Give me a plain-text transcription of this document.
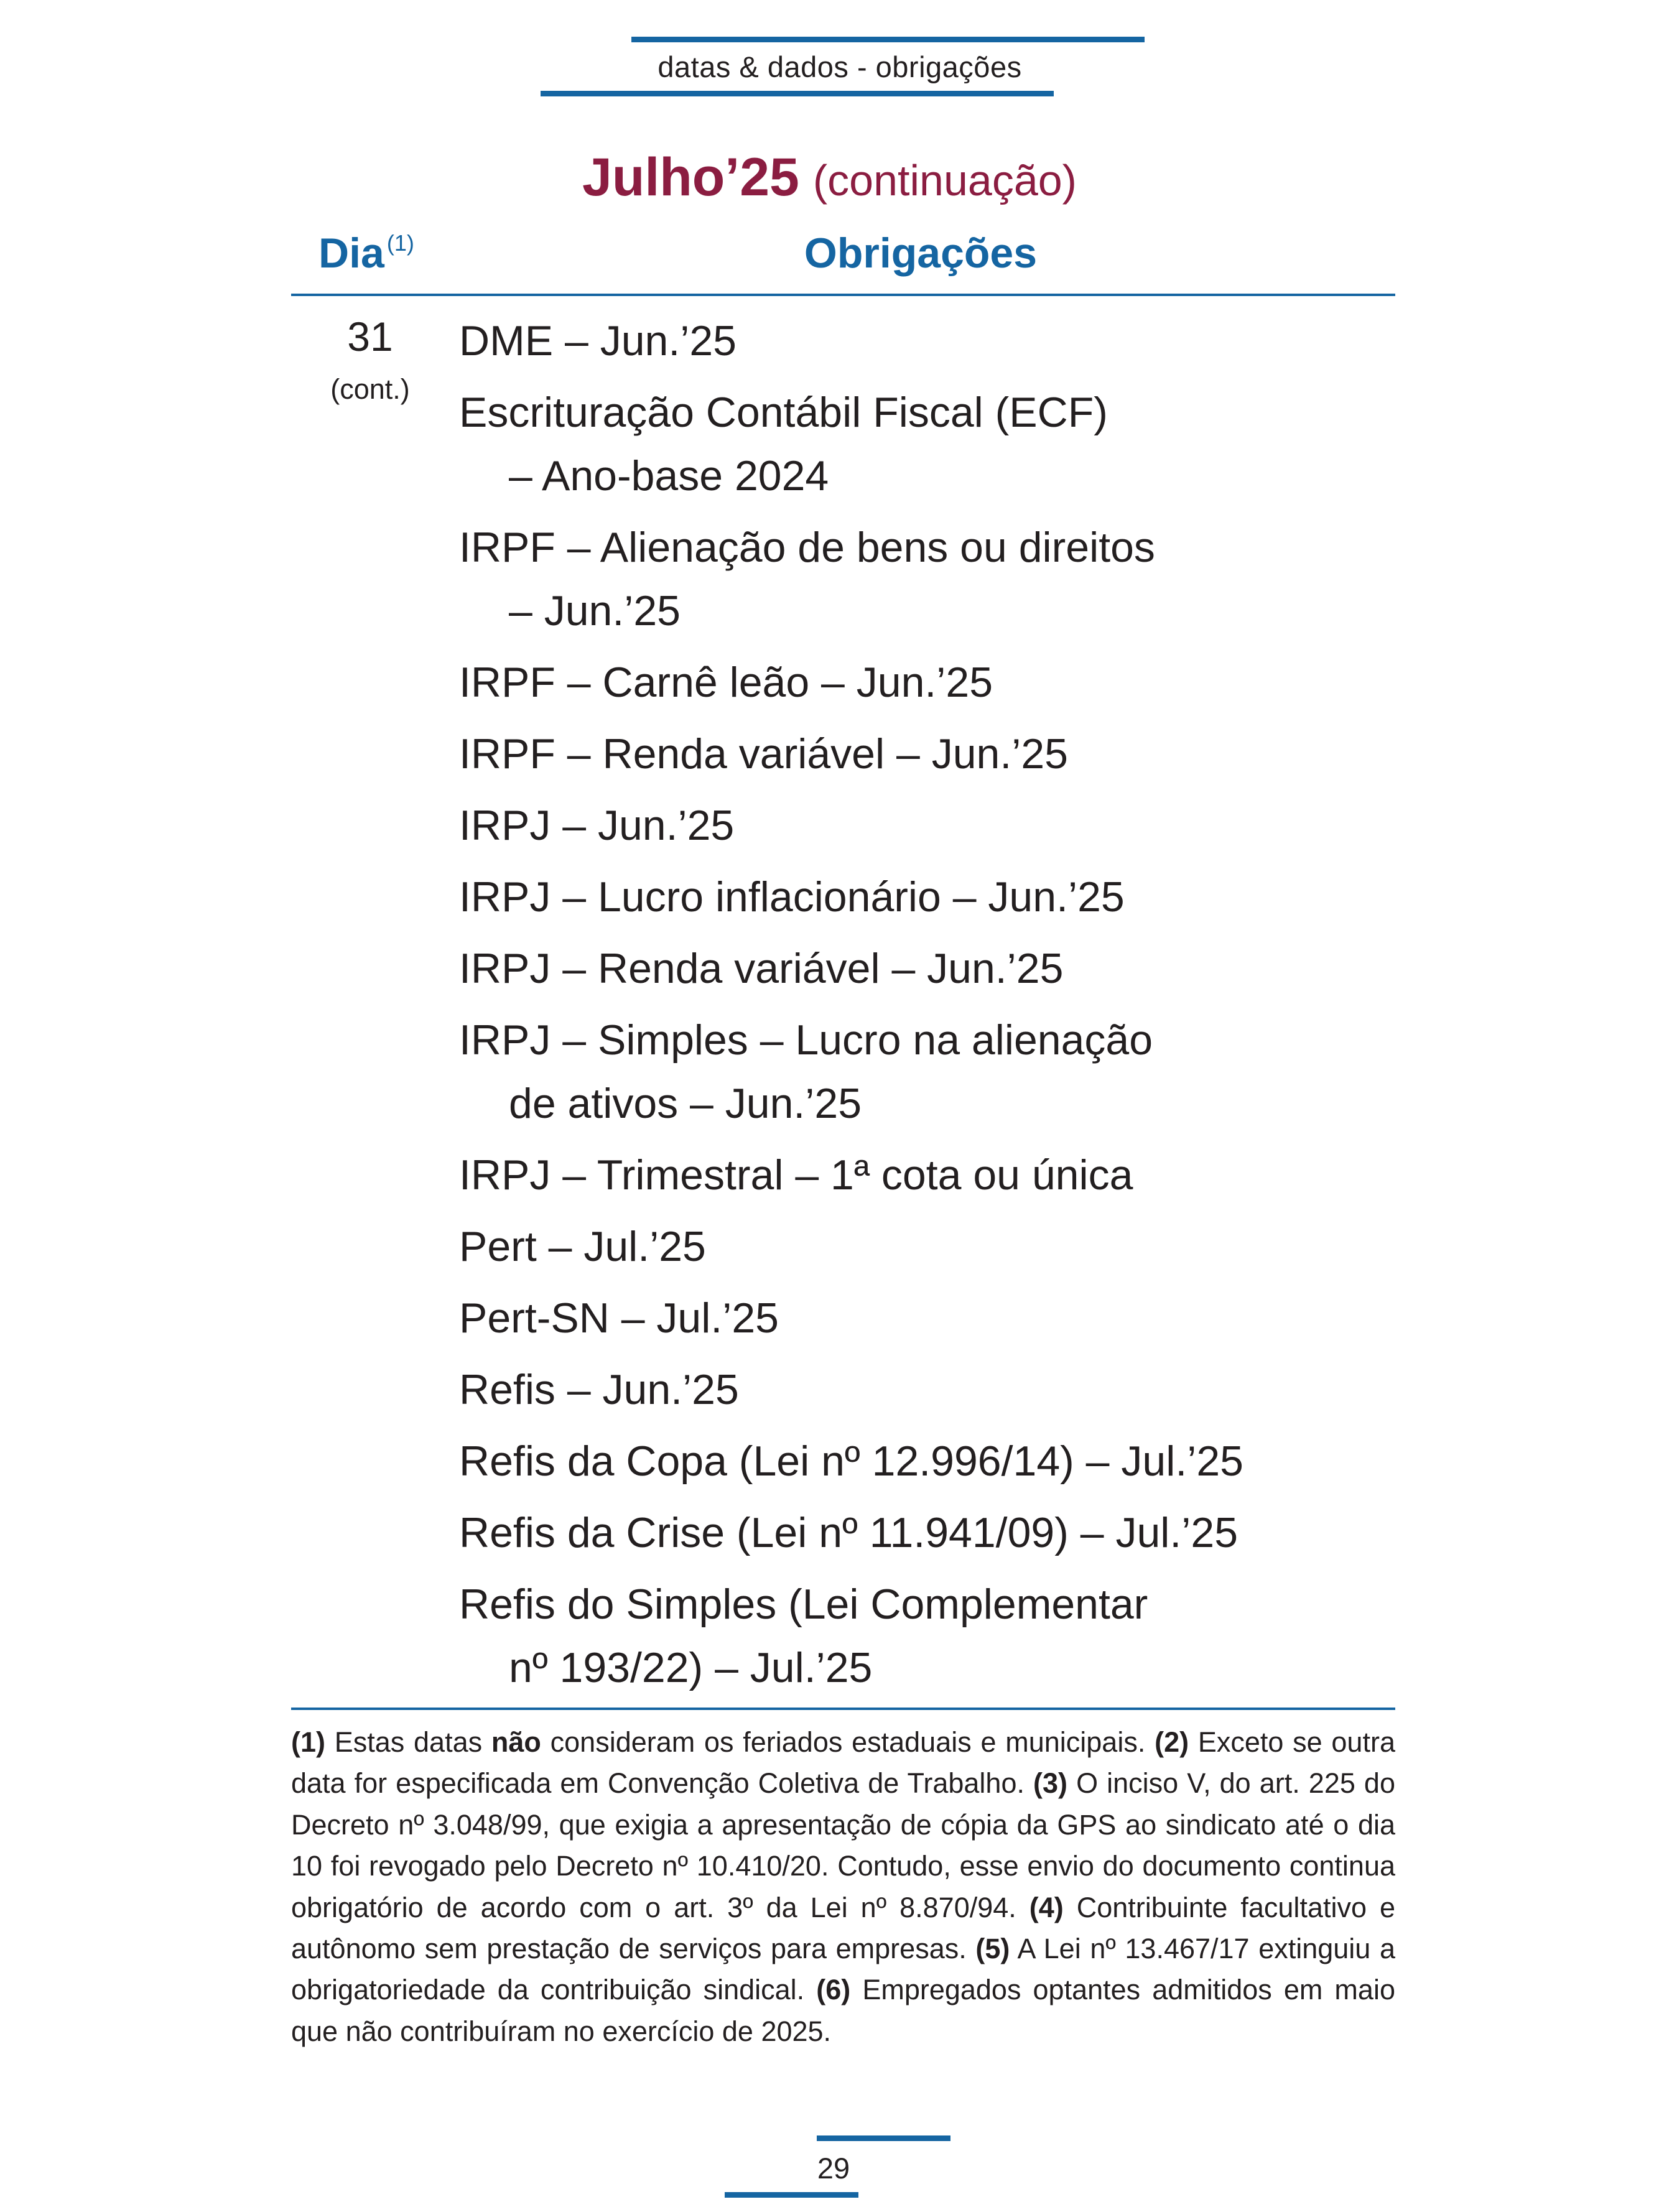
datas & dados - obrigações
Julho’25 (continuação)
Dia $^{(1)}$	Obrigações
31
(cont.)
DME – Jun.’25
Escrituração Contábil Fiscal (ECF)
– Ano-base 2024
IRPF – Alienação de bens ou direitos
– Jun.’25
IRPF – Carnê leão – Jun.’25
IRPF – Renda variável – Jun.’25
IRPJ – Jun.’25
IRPJ – Lucro inflacionário – Jun.’25
IRPJ – Renda variável – Jun.’25
IRPJ – Simples – Lucro na alienação
de ativos – Jun.’25
IRPJ – Trimestral – 1ª cota ou única
Pert – Jul.’25
Pert-SN – Jul.’25
Refis – Jun.’25
Refis da Copa (Lei nº 12.996/14) – Jul.’25
Refis da Crise (Lei nº 11.941/09) – Jul.’25
Refis do Simples (Lei Complementar
nº 193/22) – Jul.’25
(1) Estas datas não consideram os feriados estaduais e municipais. (2) Exceto se outra data for especificada em Convenção Coletiva de Trabalho. (3) O inciso V, do art. 225 do Decreto nº 3.048/99, que exigia a apresentação de cópia da GPS ao sindicato até o dia 10 foi revogado pelo Decreto nº 10.410/20. Contudo, esse envio do documento continua obrigatório de acordo com o art. 3º da Lei nº 8.870/94. (4) Contribuinte facultativo e autônomo sem prestação de serviços para empresas. (5) A Lei nº 13.467/17 extinguiu a obrigatoriedade da contribuição sindical. (6) Empregados optantes admitidos em maio que não contribuíram no exercício de 2025.
29
